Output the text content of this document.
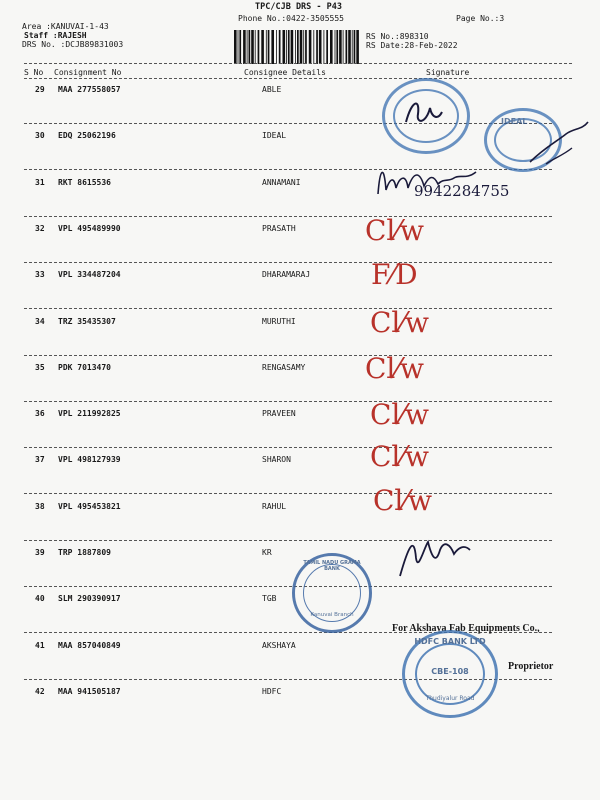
TPC/CJB DRS - P43
Phone No.:0422-3505555	Page No.:3
Area :KANUVAI-1-43
Staff :RAJESH
DRS No. :DCJB89831003
RS No.:898310
RS Date:28-Feb-2022
S No Consignment No	Consignee Details	Signature
29 MAA 277558057	ABLE
30 EDQ 25062196	IDEAL
31 RKT 8615536	ANNAMANI
32 VPL 495489990	PRASATH
33 VPL 334487204	DHARAMARAJ
34 TRZ 35435307	MURUTHI
35 PDK 7013470	RENGASAMY
36 VPL 211992825	PRAVEEN
37 VPL 498127939	SHARON
38 VPL 495453821	RAHUL
39 TRP 1887809	KR
40 SLM 290390917	TGB
41 MAA 857040849	AKSHAYA
42 MAA 941505187	HDFC
IDEAL
9942284755
Cl⁄w
F⁄D
Cl⁄w
Cl⁄w
Cl⁄w
Cl⁄w
Cl⁄w
TAMIL NADU GRAMA BANK
Kanuvai Branch
For Akshaya Fab Equipments Co.,
Proprietor
HDFC BANK LTD
CBE-108
Thudiyalur Road
